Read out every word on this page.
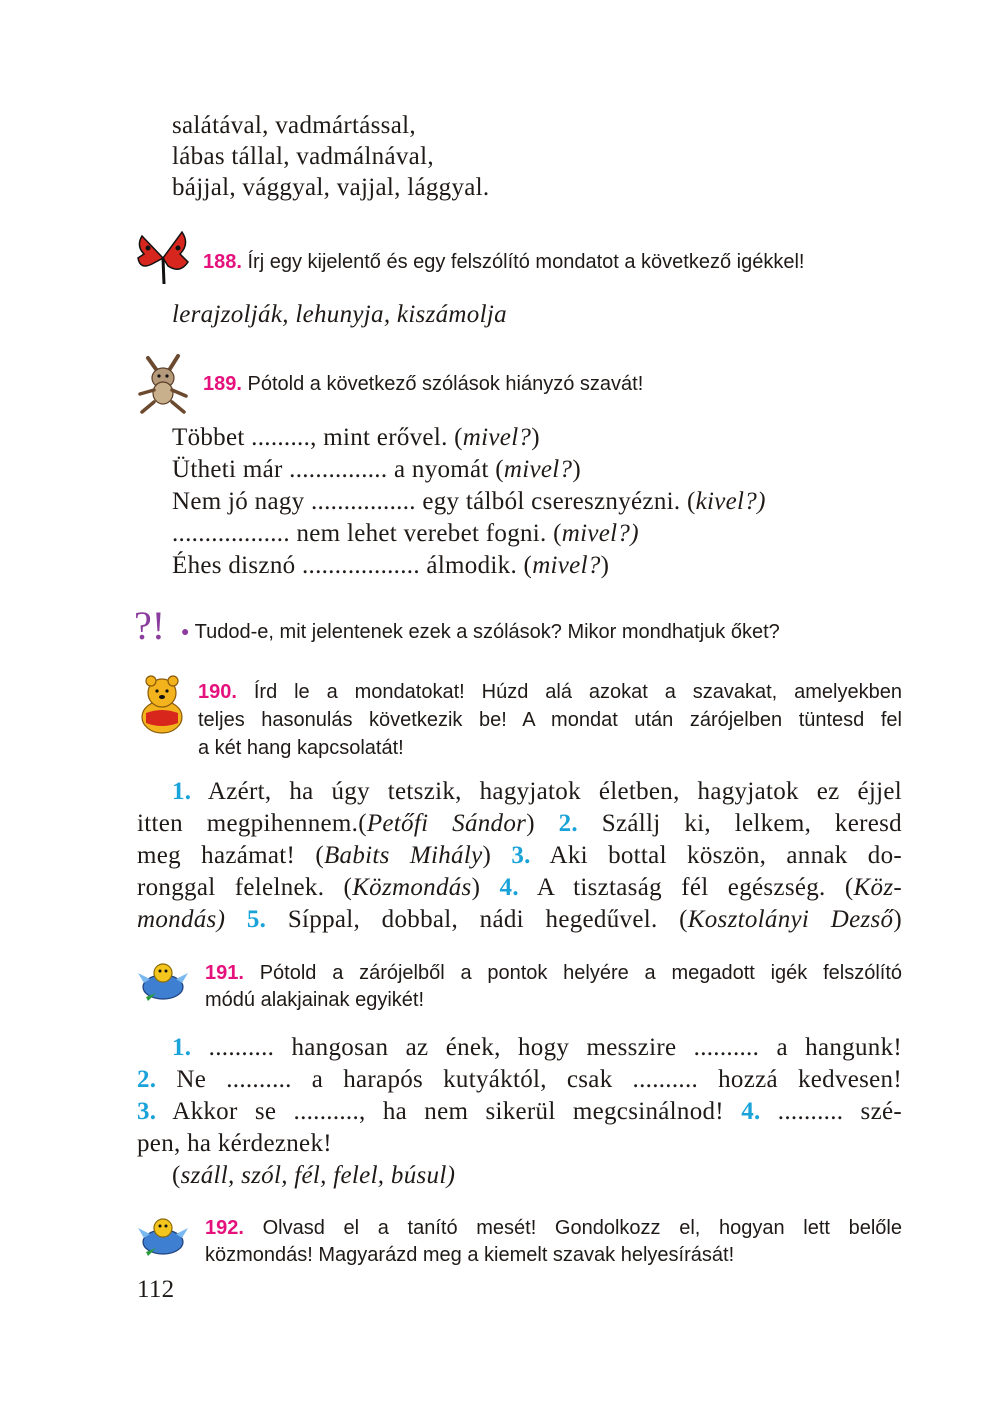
salátával, vadmártással,
lábas tállal, vadmálnával,
bájjal, vággyal, vajjal, lággyal.
188. Írj egy kijelentő és egy felszólító mondatot a következő igékkel!
lerajzolják, lehunyja, kiszámolja
189. Pótold a következő szólások hiányzó szavát!
Többet ........., mint erővel. (mivel?)
Ütheti már ............... a nyomát (mivel?)
Nem jó nagy ................ egy tálból cseresznyézni. (kivel?)
.................. nem lehet verebet fogni. (mivel?)
Éhes disznó .................. álmodik. (mivel?)
?! ● Tudod-e, mit jelentenek ezek a szólások? Mikor mondhatjuk őket?
190. Írd le a mondatokat! Húzd alá azokat a szavakat, amelyekben
teljes hasonulás következik be! A mondat után zárójelben tüntesd fel
a két hang kapcsolatát!
1. Azért, ha úgy tetszik, hagyjatok életben, hagyjatok ez éjjel
itten megpihennem.(Petőfi Sándor) 2. Szállj ki, lelkem, keresd
meg hazámat! (Babits Mihály) 3. Aki bottal köszön, annak do-
ronggal felelnek. (Közmondás) 4. A tisztaság fél egészség. (Köz-
mondás) 5. Síppal, dobbal, nádi hegedűvel. (Kosztolányi Dezső)
191. Pótold a zárójelből a pontok helyére a megadott igék felszólító
módú alakjainak egyikét!
1. .......... hangosan az ének, hogy messzire .......... a hangunk!
2. Ne .......... a harapós kutyáktól, csak .......... hozzá kedvesen!
3. Akkor se .........., ha nem sikerül megcsinálnod! 4. .......... szé-
pen, ha kérdeznek!
(száll, szól, fél, felel, búsul)
192. Olvasd el a tanító mesét! Gondolkozz el, hogyan lett belőle
közmondás! Magyarázd meg a kiemelt szavak helyesírását!
112
